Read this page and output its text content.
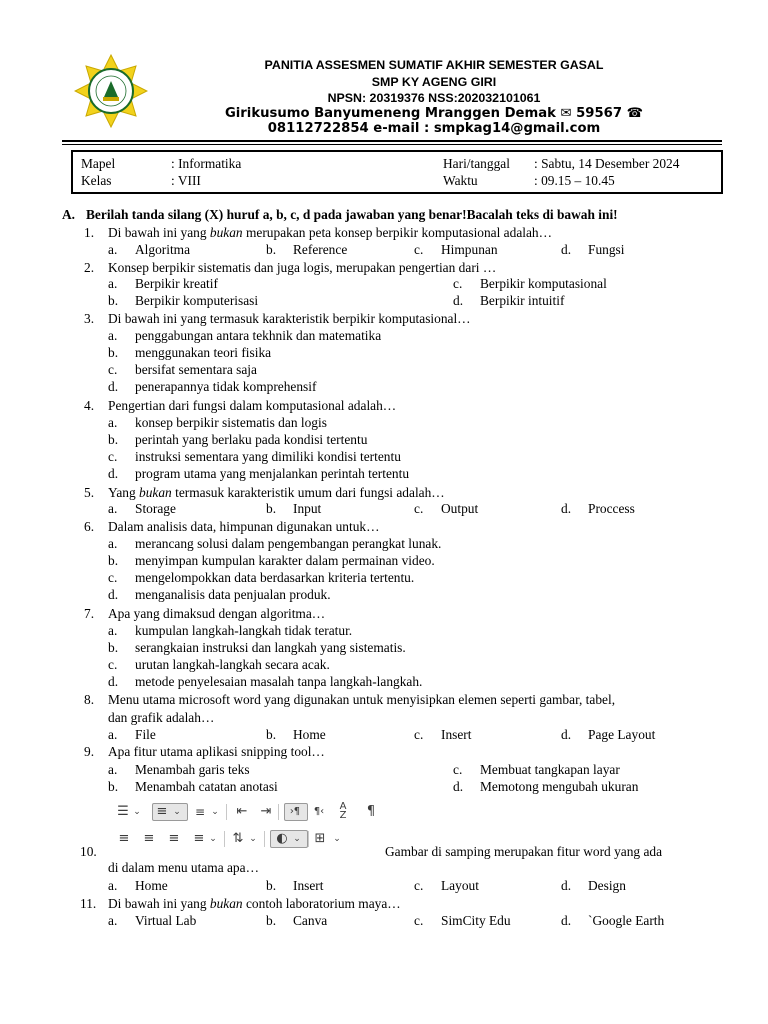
PANITIA ASSESMEN SUMATIF AKHIR SEMESTER GASAL
SMP KY AGENG GIRI
NPSN: 20319376 NSS:202032101061
Girikusumo Banyumeneng Mranggen Demak ✉ 59567 ☎
08112722854 e-mail : smpkag14@gmail.com
Mapel	: Informatika	Hari/tanggal : Sabtu, 14 Desember 2024
Kelas	: VIII	Waktu	: 09.15 – 10.45
A. Berilah tanda silang (X) huruf a, b, c, d pada jawaban yang benar!Bacalah teks di bawah ini!
1. Di bawah ini yang bukan merupakan peta konsep berpikir komputasional adalah…
a. Algoritma	b. Reference	c. Himpunan	d. Fungsi
2. Konsep berpikir sistematis dan juga logis, merupakan pengertian dari …
a. Berpikir kreatif
b. Berpikir komputerisasi
c. Berpikir komputasional
d. Berpikir intuitif
3. Di bawah ini yang termasuk karakteristik berpikir komputasional…
a. penggabungan antara tekhnik dan matematika
b. menggunakan teori fisika
c. bersifat sementara saja
d. penerapannya tidak komprehensif
4. Pengertian dari fungsi dalam komputasional adalah…
a. konsep berpikir sistematis dan logis
b. perintah yang berlaku pada kondisi tertentu
c. instruksi sementara yang dimiliki kondisi tertentu
d. program utama yang menjalankan perintah tertentu
5. Yang bukan termasuk karakteristik umum dari fungsi adalah…
a. Storage	b. Input	c. Output	d. Proccess
6. Dalam analisis data, himpunan digunakan untuk…
a. merancang solusi dalam pengembangan perangkat lunak.
b. menyimpan kumpulan karakter dalam permainan video.
c. mengelompokkan data berdasarkan kriteria tertentu.
d. menganalisis data penjualan produk.
7. Apa yang dimaksud dengan algoritma…
a. kumpulan langkah-langkah tidak teratur.
b. serangkaian instruksi dan langkah yang sistematis.
c. urutan langkah-langkah secara acak.
d. metode penyelesaian masalah tanpa langkah-langkah.
8. Menu utama microsoft word yang digunakan untuk menyisipkan elemen seperti gambar, tabel,
dan grafik adalah…
a. File	b. Home	c. Insert	d. Page Layout
9. Apa fitur utama aplikasi snipping tool…
a. Menambah garis teks
b. Menambah catatan anotasi
c. Membuat tangkapan layar
d. Memotong mengubah ukuran
10.	Gambar di samping merupakan fitur word yang ada
di dalam menu utama apa…
a. Home	b. Insert	c. Layout	d. Design
11. Di bawah ini yang bukan contoh laboratorium maya…
a. Virtual Lab	b. Canva	c. SimCity Edu	d. `Google Earth
☰ ⌄ ≡ ⌄ ≡ ⌄ ⇤ ⇥	›¶	¶‹	A
Z	¶
≡ ≡ ≡ ≡ ⌄ ⇅ ⌄ ◐ ⌄ ⊞ ⌄
